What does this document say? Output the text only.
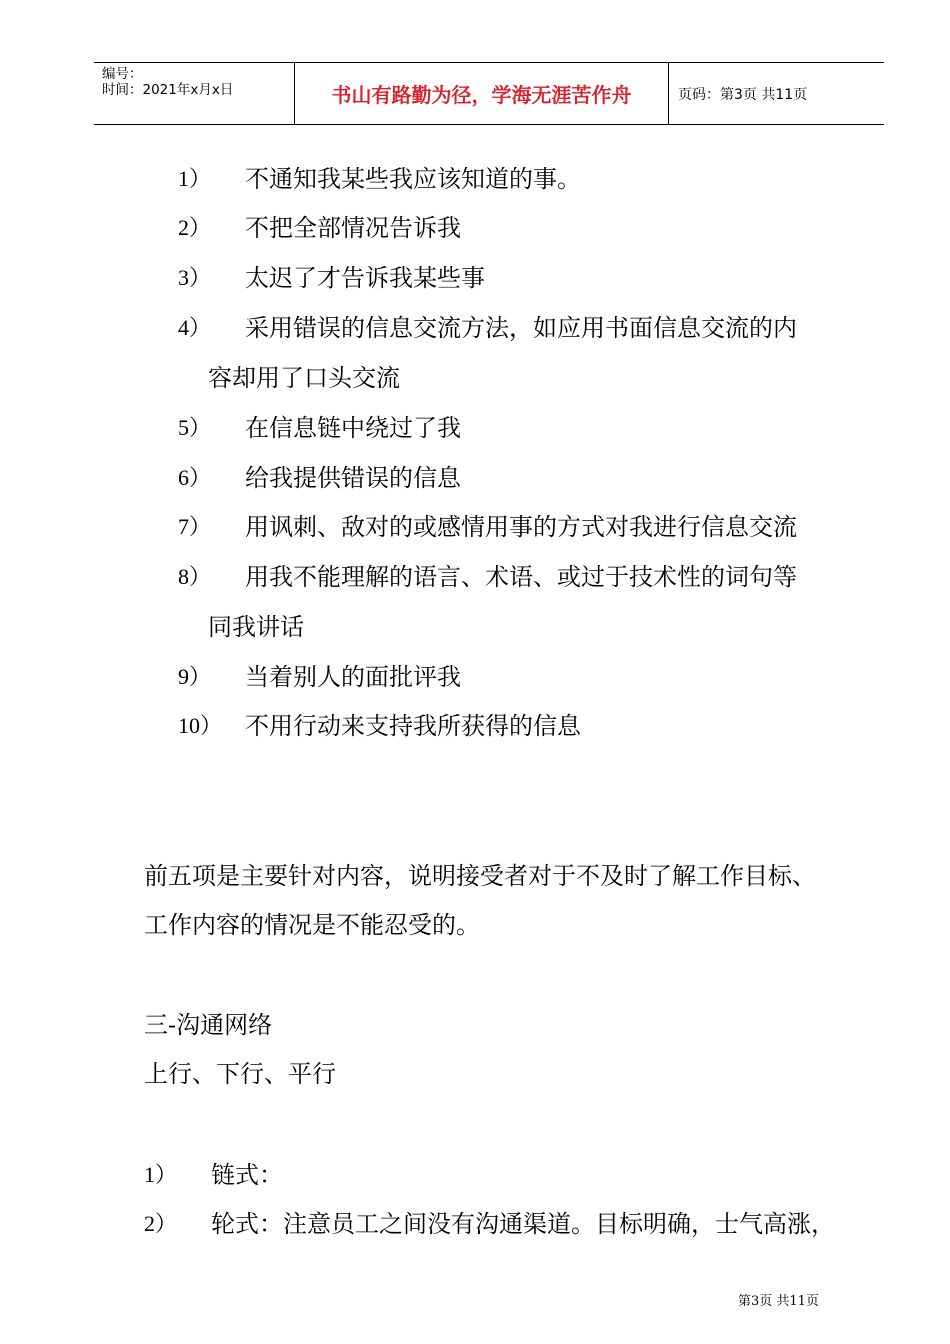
编号：
时间：2021年x月x日	书山有路勤为径，学海无涯苦作舟	页码：第3页 共11页
1） 不通知我某些我应该知道的事。
2） 不把全部情况告诉我
3） 太迟了才告诉我某些事
4） 采用错误的信息交流方法，如应用书面信息交流的内
容却用了口头交流
5） 在信息链中绕过了我
6） 给我提供错误的信息
7） 用讽刺、敌对的或感情用事的方式对我进行信息交流
8） 用我不能理解的语言、术语、或过于技术性的词句等
同我讲话
9） 当着别人的面批评我
10） 不用行动来支持我所获得的信息
前五项是主要针对内容，说明接受者对于不及时了解工作目标、
工作内容的情况是不能忍受的。
三-沟通网络
上行、下行、平行
1） 链式：
2） 轮式：注意员工之间没有沟通渠道。目标明确，士气高涨，
第3页 共11页
